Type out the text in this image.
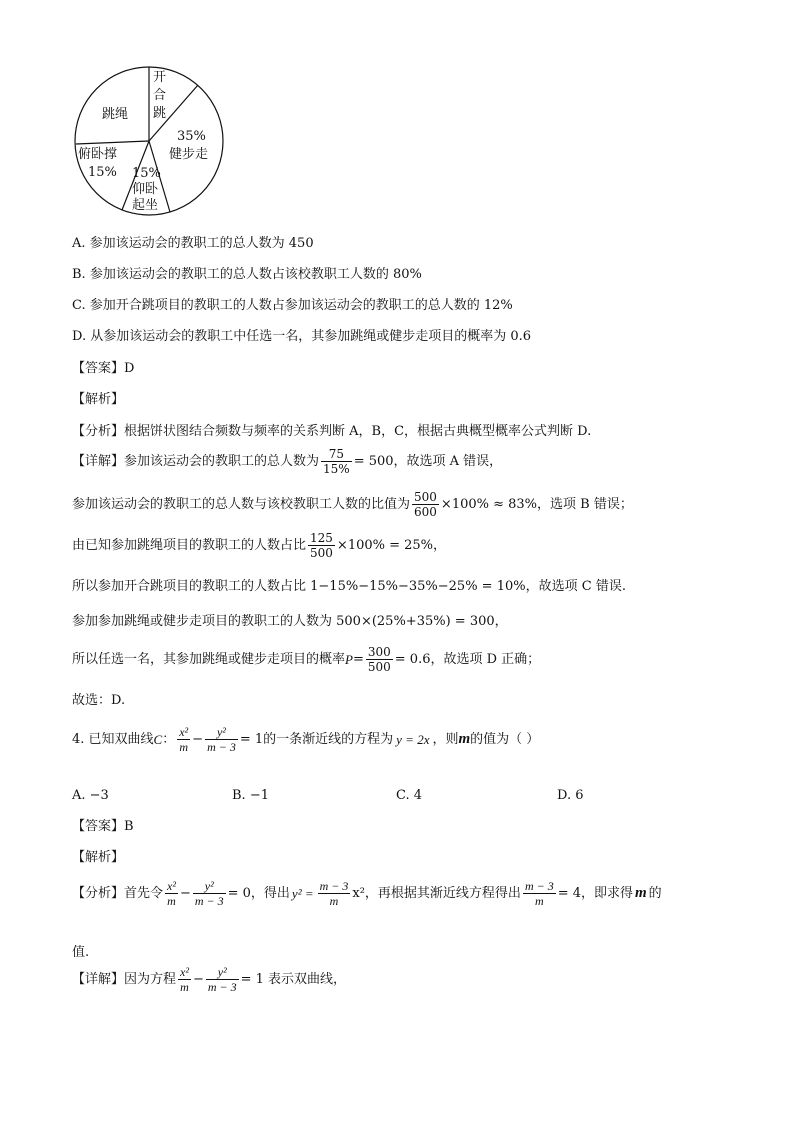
开
合
跳
35%
健步走
15%
仰卧
起坐
俯卧撑
15%
跳绳
A. 参加该运动会的教职工的总人数为 450
B. 参加该运动会的教职工的总人数占该校教职工人数的 80%
C. 参加开合跳项目的教职工的人数占参加该运动会的教职工的总人数的 12%
D. 从参加该运动会的教职工中任选一名，其参加跳绳或健步走项目的概率为 0.6
【答案】D
【解析】
【分析】根据饼状图结合频数与频率的关系判断 A，B，C，根据古典概型概率公式判断 D.
【详解】参加该运动会的教职工的总人数为 $\frac{75}{15\%} = 500$，故选项 A 错误，
参加该运动会的教职工的总人数与该校教职工人数的比值为 $\frac{500}{600} \times 100\% \approx 83\%$，选项 B 错误；
由已知参加跳绳项目的教职工的人数占比 $\frac{125}{500} \times 100\% = 25\%$，
所以参加开合跳项目的教职工的人数占比 1−15%−15%−35%−25% = 10%，故选项 C 错误.
参加参加跳绳或健步走项目的教职工的人数为 500×(25%+35%) = 300，
所以任选一名，其参加跳绳或健步走项目的概率 $P = \frac{300}{500} = 0.6$，故选项 D 正确；
故选：D.
4. 已知双曲线 C ： $\frac{\text{x²}}{m} - \frac{\text{y²}}{m - 3} = 1$ 的一条渐近线的方程为 y = 2x ，则 m 的值为（ ）
A. −3	B. −1	C. 4	D. 6
【答案】B
【解析】
【分析】首先令 $\frac{\text{x²}}{m} - \frac{\text{y²}}{m - 3} = 0$，得出 $y^2 = \frac{m - 3}{m} x^2$，再根据其渐近线方程得出 $\frac{m - 3}{m} = 4$，即求得 m 的
值.
【详解】因为方程 $\frac{\text{x²}}{m} - \frac{\text{y²}}{m - 3} = 1$ 表示双曲线，
